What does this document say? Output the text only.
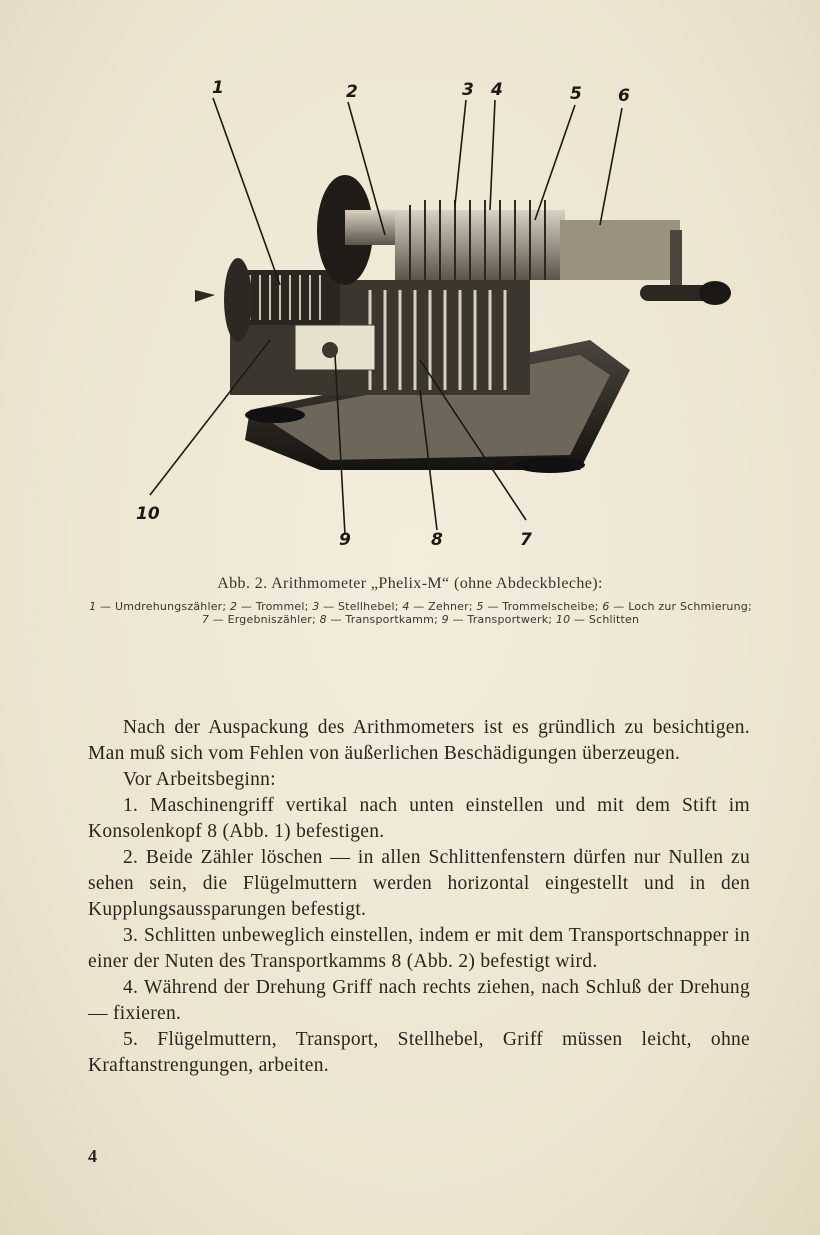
1	2	3 4	5 6
7
8
9
10
Abb. 2. Arithmometer „Phelix-M“ (ohne Abdeckbleche):
1 — Umdrehungszähler; 2 — Trommel; 3 — Stellhebel; 4 — Zehner; 5 — Trommelscheibe; 6 — Loch zur Schmierung; 7 — Ergebniszähler; 8 — Transportkamm; 9 — Transportwerk; 10 — Schlitten

Nach der Auspackung des Arithmometers ist es gründlich zu besichtigen. Man muß sich vom Fehlen von äußerlichen Beschädigungen überzeugen.

Vor Arbeitsbeginn:

1. Maschinengriff vertikal nach unten einstellen und mit dem Stift im Konsolenkopf 8 (Abb. 1) befestigen.

2. Beide Zähler löschen — in allen Schlittenfenstern dürfen nur Nullen zu sehen sein, die Flügelmuttern werden horizontal eingestellt und in den Kupplungsaussparungen befestigt.

3. Schlitten unbeweglich einstellen, indem er mit dem Transportschnapper in einer der Nuten des Transportkamms 8 (Abb. 2) befestigt wird.

4. Während der Drehung Griff nach rechts ziehen, nach Schluß der Drehung — fixieren.

5. Flügelmuttern, Transport, Stellhebel, Griff müssen leicht, ohne Kraftanstrengungen, arbeiten.

4
